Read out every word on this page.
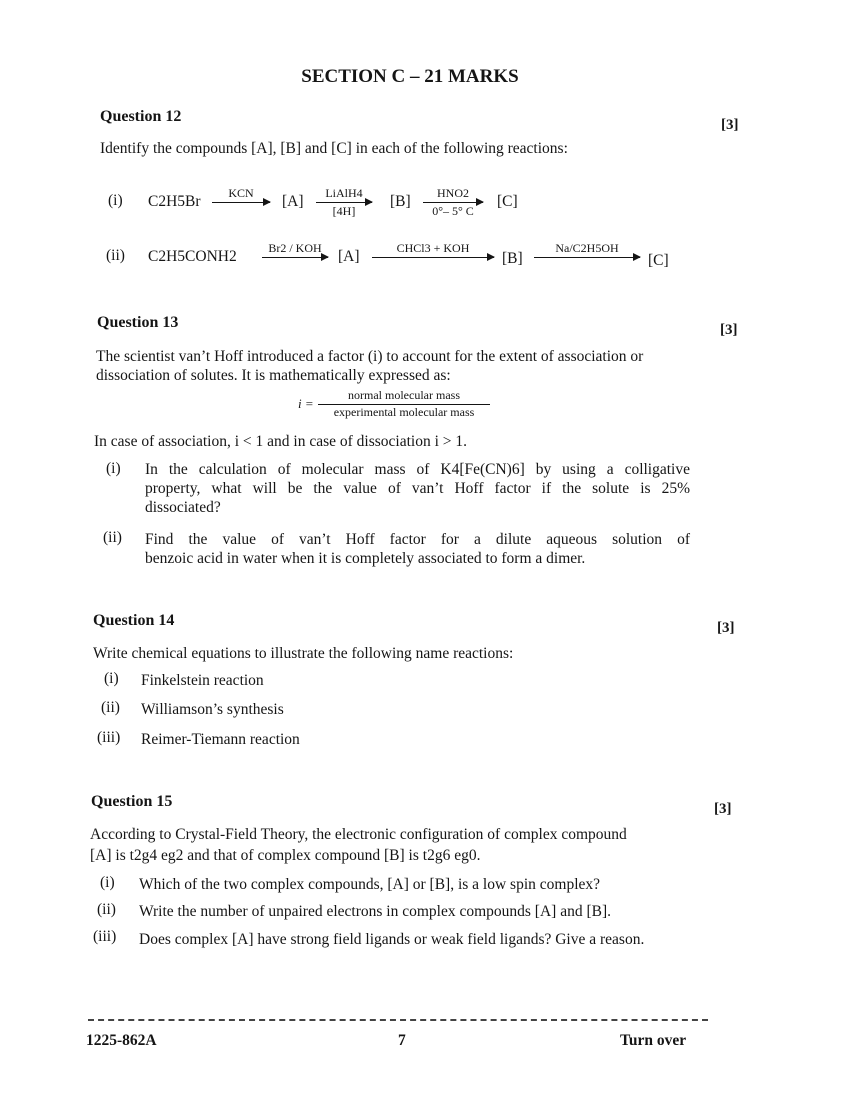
SECTION C – 21 MARKS
Question 12	[3]
Identify the compounds [A], [B] and [C] in each of the following reactions:
(i) C2H5Br	KCN	[A]	LiAlH4
[4H]
[B]	HNO2
0°– 5° C
[C]
(ii) C2H5CONH2	Br2 / KOH	[A]	CHCl3 + KOH
[B]
Na/C2H5OH
[C]
Question 13	[3]
The scientist van’t Hoff introduced a factor (i) to account for the extent of association or
dissociation of solutes. It is mathematically expressed as:
i =
normal molecular mass
experimental molecular mass
In case of association, i < 1 and in case of dissociation i > 1.
(i) In the calculation of molecular mass of K4[Fe(CN)6] by using a colligative
property, what will be the value of van’t Hoff factor if the solute is 25%
dissociated?
(ii) Find the value of van’t Hoff factor for a dilute aqueous solution of
benzoic acid in water when it is completely associated to form a dimer.
Question 14	[3]
Write chemical equations to illustrate the following name reactions:
(i) Finkelstein reaction
(ii) Williamson’s synthesis
(iii) Reimer-Tiemann reaction
Question 15	[3]
According to Crystal-Field Theory, the electronic configuration of complex compound
[A] is t2g4 eg2 and that of complex compound [B] is t2g6 eg0.
(i) Which of the two complex compounds, [A] or [B], is a low spin complex?
(ii) Write the number of unpaired electrons in complex compounds [A] and [B].
(iii) Does complex [A] have strong field ligands or weak field ligands? Give a reason.
1225-862A	7	Turn over
